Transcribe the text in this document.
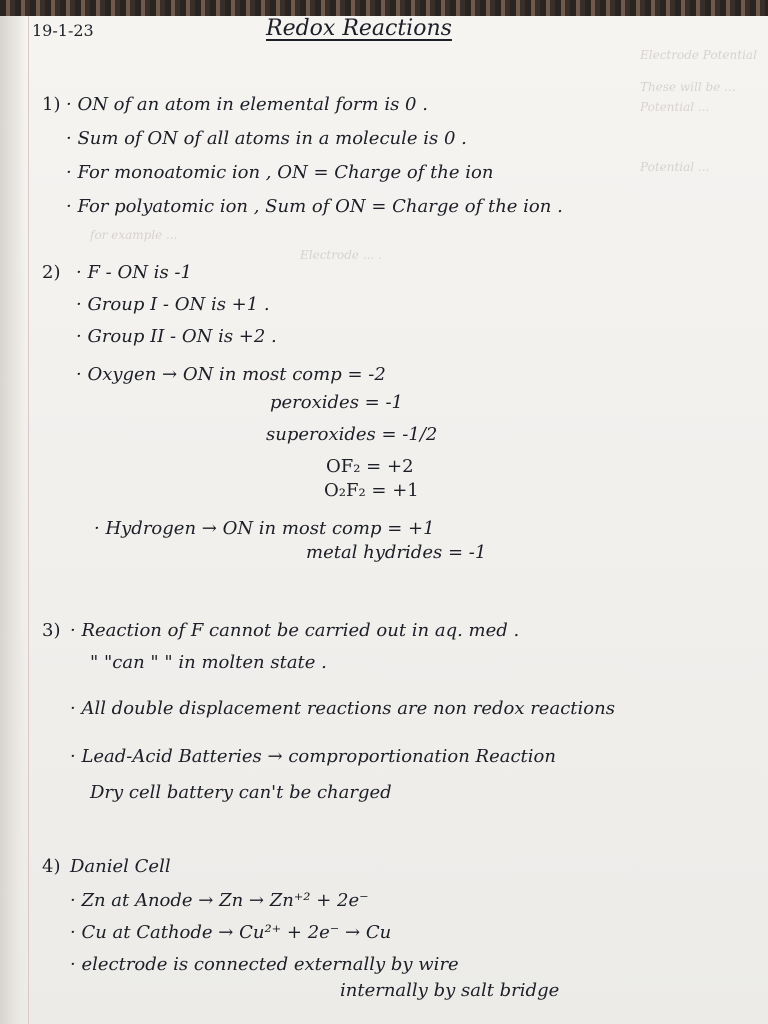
Electrode Potential
These will be ...
Potential ...
Potential ...
for example ...
Electrode ... .
19-1-23	Redox Reactions
1) · ON of an atom in elemental form is 0 .
· Sum of ON of all atoms in a molecule is 0 .
· For monoatomic ion , ON = Charge of the ion
· For polyatomic ion , Sum of ON = Charge of the ion .
2) · F - ON is -1
· Group I - ON is +1 .
· Group II - ON is +2 .
· Oxygen → ON in most comp = -2
peroxides = -1
superoxides = -1/2
OF₂ = +2
O₂F₂ = +1
· Hydrogen → ON in most comp = +1
metal hydrides = -1
3) · Reaction of F cannot be carried out in aq. med .
" "can " " in molten state .
· All double displacement reactions are non redox reactions
· Lead-Acid Batteries → comproportionation Reaction
Dry cell battery can't be charged
4) Daniel Cell
· Zn at Anode → Zn → Zn⁺² + 2e⁻
· Cu at Cathode → Cu²⁺ + 2e⁻ → Cu
· electrode is connected externally by wire
internally by salt bridge
